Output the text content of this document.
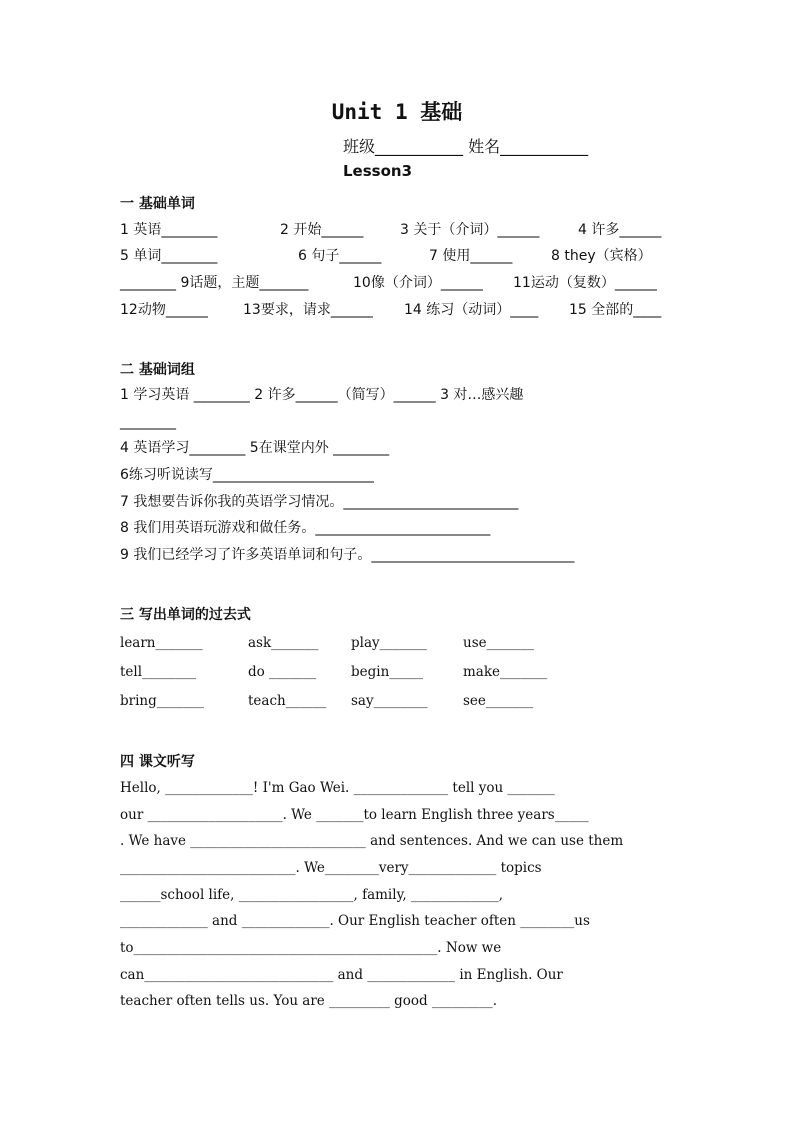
Unit 1 基础
班级___________ 姓名___________
Lesson3
一 基础单词
1 英语________	2 开始______	3 关于（介词）______	4 许多______
5 单词________	6 句子______	7 使用______	8 they（宾格）
________ 9话题，主题_______	10像（介词）______ 11运动（复数）______
12动物______	13要求，请求______ 14 练习（动词）____ 15 全部的____
二 基础词组
1 学习英语 ________ 2 许多______（简写）______ 3 对…感兴趣
________
4 英语学习________ 5在课堂内外 ________
6练习听说读写_______________________
7 我想要告诉你我的英语学习情况。_________________________
8 我们用英语玩游戏和做任务。_________________________
9 我们已经学习了许多英语单词和句子。_____________________________
三 写出单词的过去式
learn_______	ask_______ play_______	use_______
tell________	do _______	begin_____	make_______
bring_______	teach______ say________	see_______
四 课文听写
Hello, _____________! I'm Gao Wei. ______________ tell you _______
our ____________________. We _______to learn English three years_____
. We have __________________________ and sentences. And we can use them
__________________________. We________very_____________ topics
______school life, _________________, family, _____________,
_____________ and _____________. Our English teacher often ________us
to_____________________________________________. Now we
can____________________________ and _____________ in English. Our
teacher often tells us. You are _________ good _________.
